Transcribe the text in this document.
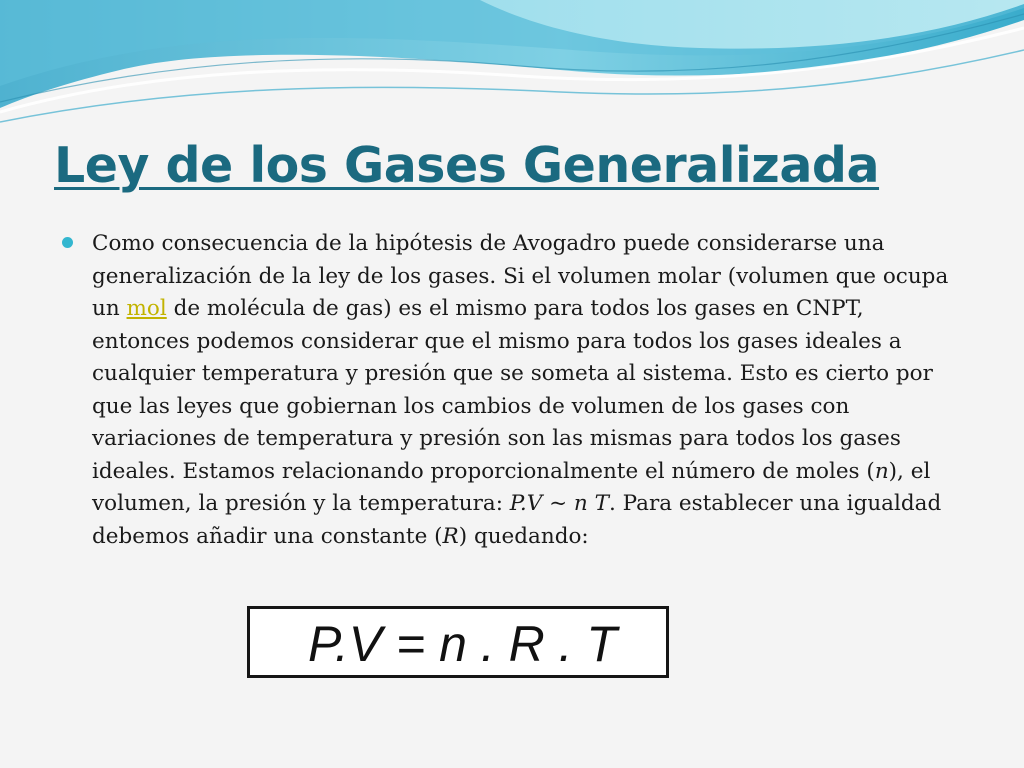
Ley de los Gases Generalizada

Como consecuencia de la hipótesis de Avogadro puede considerarse una generalización de la ley de los gases. Si el volumen molar (volumen que ocupa un mol de molécula de gas) es el mismo para todos los gases en CNPT, entonces podemos considerar que el mismo para todos los gases ideales a cualquier temperatura y presión que se someta al sistema. Esto es cierto por que las leyes que gobiernan los cambios de volumen de los gases con variaciones de temperatura y presión son las mismas para todos los gases ideales. Estamos relacionando proporcionalmente el número de moles (n), el volumen, la presión y la temperatura: P.V ~ n T. Para establecer una igualdad debemos añadir una constante (R) quedando:

P.V = n . R . T
